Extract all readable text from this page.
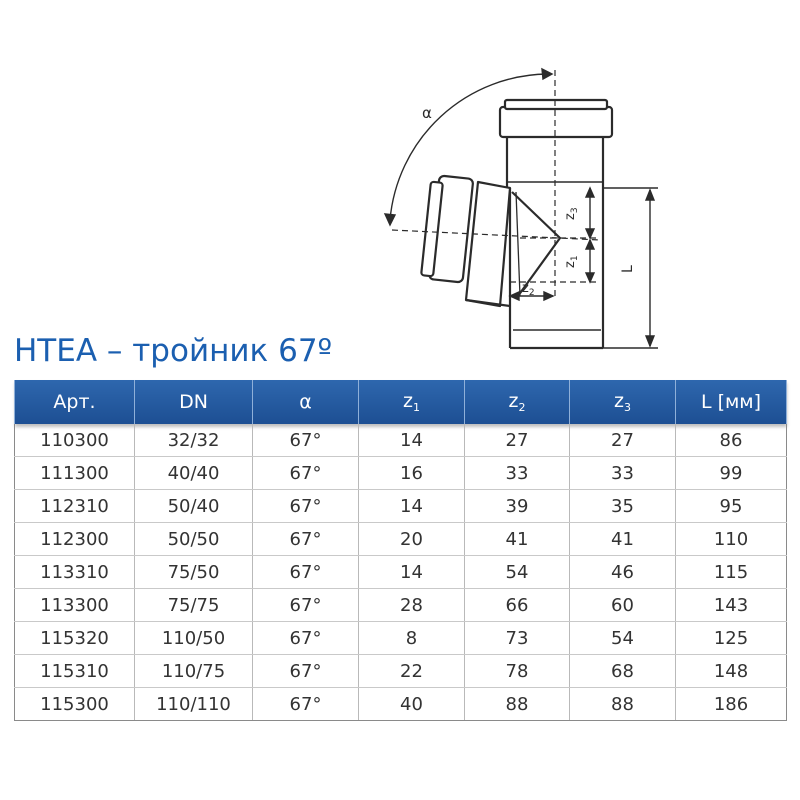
α
$z_3$
$z_1$
$z_2$
L
HTEA – тройник 67º
Арт.	DN	α	$z_1$	$z_2$	$z_3$	L [мм]
110300	32/32	67°	14	27	27	86
111300	40/40	67°	16	33	33	99
112310	50/40	67°	14	39	35	95
112300	50/50	67°	20	41	41	110
113310	75/50	67°	14	54	46	115
113300	75/75	67°	28	66	60	143
115320	110/50	67°	8	73	54	125
115310	110/75	67°	22	78	68	148
115300	110/110	67°	40	88	88	186
